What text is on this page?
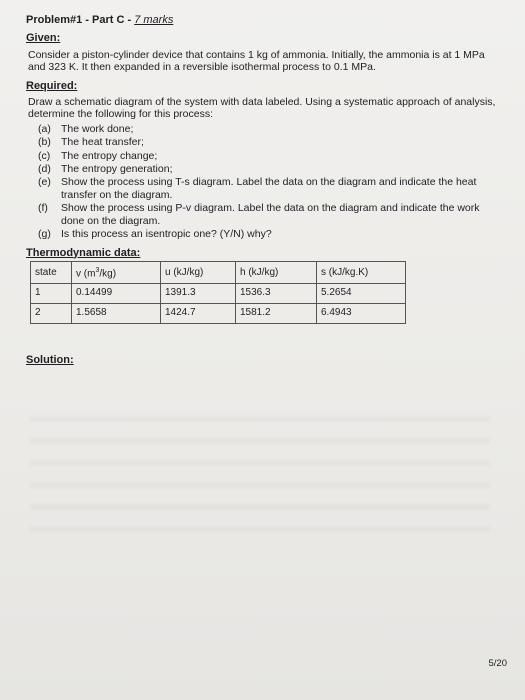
Problem#1 - Part C - 7 marks
Given:
Consider a piston-cylinder device that contains 1 kg of ammonia. Initially, the ammonia is at 1 MPa and 323 K. It then expanded in a reversible isothermal process to 0.1 MPa.
Required:
Draw a schematic diagram of the system with data labeled. Using a systematic approach of analysis, determine the following for this process:
(a) The work done;
(b) The heat transfer;
(c)	The entropy change;
(d) The entropy generation;
(e) Show the process using T-s diagram. Label the data on the diagram and indicate the heat transfer on the diagram.
(f)	Show the process using P-v diagram. Label the data on the diagram and indicate the work done on the diagram.
(g) Is this process an isentropic one? (Y/N) why?
Thermodynamic data:
state	v $(m^3/kg)$	u (kJ/kg)	h (kJ/kg)	s (kJ/kg.K)
1	0.14499	1391.3	1536.3	5.2654
2	1.5658	1424.7	1581.2	6.4943
Solution:
5/20
